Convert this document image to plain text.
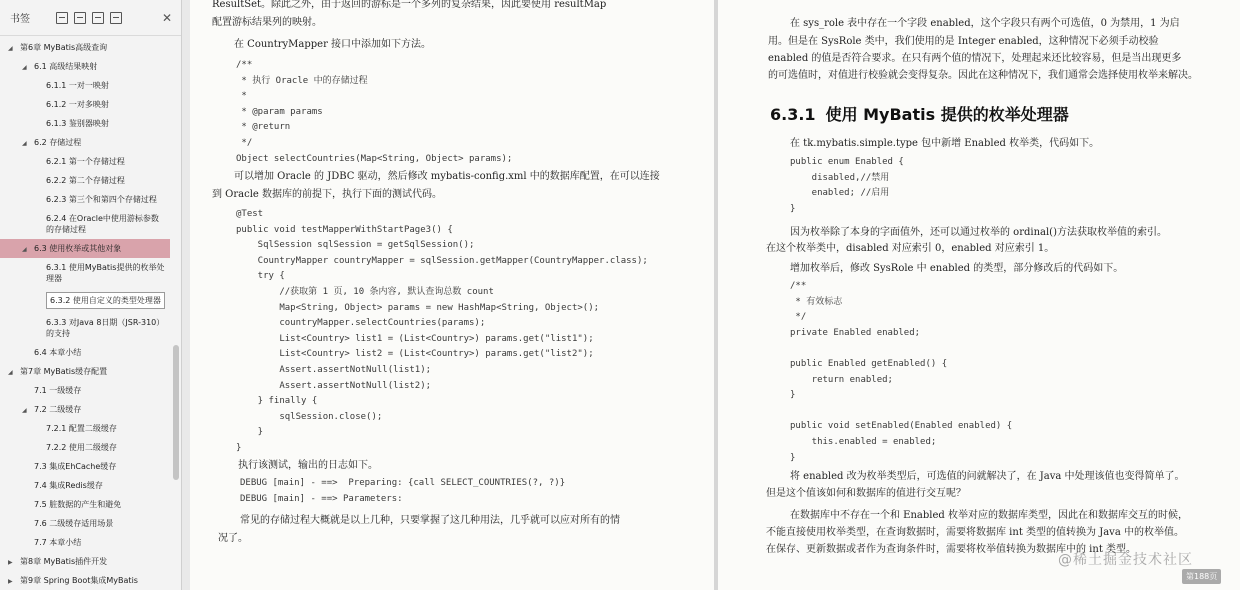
书签	✕
◢ 第6章 MyBatis高级查询
◢ 6.1 高级结果映射
6.1.1 一对一映射
6.1.2 一对多映射
6.1.3 鉴别器映射
◢ 6.2 存储过程
6.2.1 第一个存储过程
6.2.2 第二个存储过程
6.2.3 第三个和第四个存储过程
6.2.4 在Oracle中使用游标参数的存储过程
◢ 6.3 使用枚举或其他对象
6.3.1 使用MyBatis提供的枚举处理器
6.3.2 使用自定义的类型处理器
6.3.3 对Java 8日期（JSR-310）的支持
6.4 本章小结
◢ 第7章 MyBatis缓存配置
7.1 一级缓存
◢ 7.2 二级缓存
7.2.1 配置二级缓存
7.2.2 使用二级缓存
7.3 集成EhCache缓存
7.4 集成Redis缓存
7.5 脏数据的产生和避免
7.6 二级缓存适用场景
7.7 本章小结
▶ 第8章 MyBatis插件开发
▶ 第9章 Spring Boot集成MyBatis
ResultSet。除此之外，由于返回的游标是一个多列的复杂结果，因此要使用 resultMap
配置游标结果列的映射。
在 CountryMapper 接口中添加如下方法。
/**
* 执行 Oracle 中的存储过程
*
* @param params
* @return
*/
Object selectCountries(Map<String, Object> params);
可以增加 Oracle 的 JDBC 驱动，然后修改 mybatis-config.xml 中的数据库配置，在可以连接
到 Oracle 数据库的前提下，执行下面的测试代码。
@Test
public void testMapperWithStartPage3() {
SqlSession sqlSession = getSqlSession();
CountryMapper countryMapper = sqlSession.getMapper(CountryMapper.class);
try {
//获取第 1 页, 10 条内容, 默认查询总数 count
Map<String, Object> params = new HashMap<String, Object>();
countryMapper.selectCountries(params);
List<Country> list1 = (List<Country>) params.get("list1");
List<Country> list2 = (List<Country>) params.get("list2");
Assert.assertNotNull(list1);
Assert.assertNotNull(list2);
} finally {
sqlSession.close();
}
}
执行该测试，输出的日志如下。
DEBUG [main] - ==>  Preparing: {call SELECT_COUNTRIES(?, ?)}
DEBUG [main] - ==> Parameters:
常见的存储过程大概就是以上几种，只要掌握了这几种用法，几乎就可以应对所有的情
况了。
在 sys_role 表中存在一个字段 enabled，这个字段只有两个可选值，0 为禁用，1 为启
用。但是在 SysRole 类中，我们使用的是 Integer enabled，这种情况下必须手动校验
enabled 的值是否符合要求。在只有两个值的情况下，处理起来还比较容易，但是当出现更多
的可选值时，对值进行校验就会变得复杂。因此在这种情况下，我们通常会选择使用枚举来解决。
6.3.1 使用 MyBatis 提供的枚举处理器
在 tk.mybatis.simple.type 包中新增 Enabled 枚举类，代码如下。
public enum Enabled {
disabled,//禁用
enabled; //启用
}
因为枚举除了本身的字面值外，还可以通过枚举的 ordinal()方法获取枚举值的索引。
在这个枚举类中，disabled 对应索引 0，enabled 对应索引 1。
增加枚举后，修改 SysRole 中 enabled 的类型，部分修改后的代码如下。
/**
* 有效标志
*/
private Enabled enabled;

public Enabled getEnabled() {
return enabled;
}

public void setEnabled(Enabled enabled) {
this.enabled = enabled;
}
将 enabled 改为枚举类型后，可选值的问就解决了，在 Java 中处理该值也变得简单了。
但是这个值该如何和数据库的值进行交互呢？
在数据库中不存在一个和 Enabled 枚举对应的数据库类型，因此在和数据库交互的时候，
不能直接使用枚举类型，在查询数据时，需要将数据库 int 类型的值转换为 Java 中的枚举值。
在保存、更新数据或者作为查询条件时，需要将枚举值转换为数据库中的 int 类型。
@稀土掘金技术社区
第188页
